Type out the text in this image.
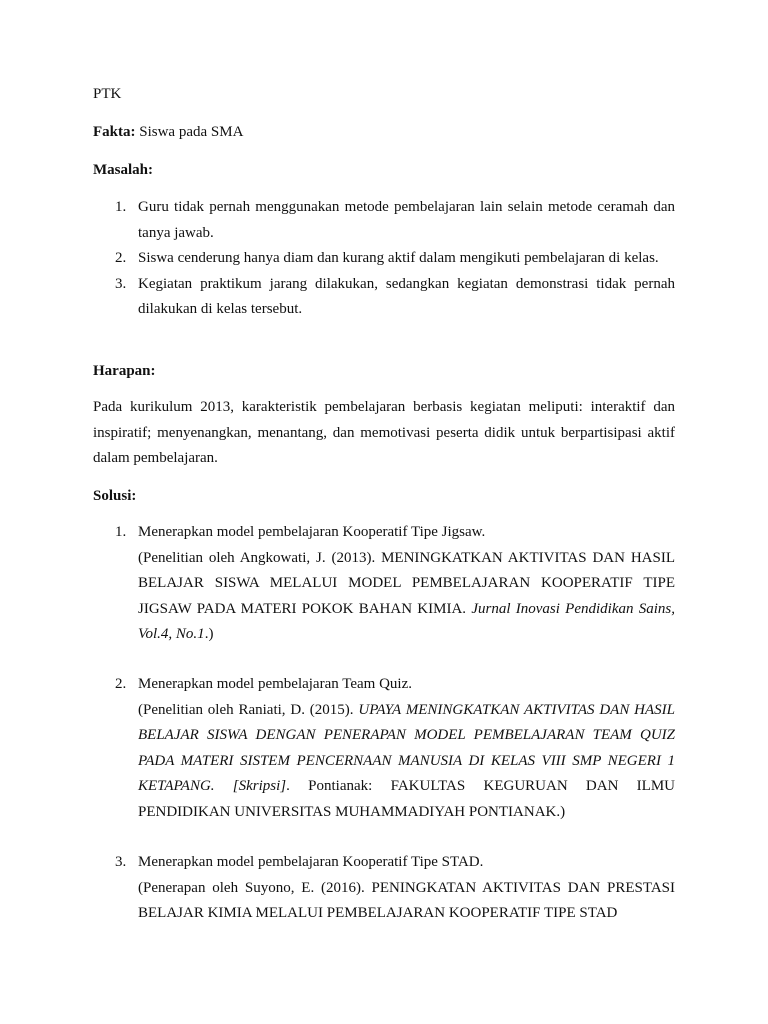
PTK

Fakta: Siswa pada SMA

Masalah:

1. Guru tidak pernah menggunakan metode pembelajaran lain selain metode ceramah dan tanya jawab.
2. Siswa cenderung hanya diam dan kurang aktif dalam mengikuti pembelajaran di kelas.
3. Kegiatan praktikum jarang dilakukan, sedangkan kegiatan demonstrasi tidak pernah dilakukan di kelas tersebut.

Harapan:

Pada kurikulum 2013, karakteristik pembelajaran berbasis kegiatan meliputi: interaktif dan inspiratif; menyenangkan, menantang, dan memotivasi peserta didik untuk berpartisipasi aktif dalam pembelajaran.

Solusi:

1. Menerapkan model pembelajaran Kooperatif Tipe Jigsaw.
(Penelitian oleh Angkowati, J. (2013). MENINGKATKAN AKTIVITAS DAN HASIL BELAJAR SISWA MELALUI MODEL PEMBELAJARAN KOOPERATIF TIPE JIGSAW PADA MATERI POKOK BAHAN KIMIA. Jurnal Inovasi Pendidikan Sains, Vol.4, No.1.)
2. Menerapkan model pembelajaran Team Quiz.
(Penelitian oleh Raniati, D. (2015). UPAYA MENINGKATKAN AKTIVITAS DAN HASIL BELAJAR SISWA DENGAN PENERAPAN MODEL PEMBELAJARAN TEAM QUIZ PADA MATERI SISTEM PENCERNAAN MANUSIA DI KELAS VIII SMP NEGERI 1 KETAPANG. [Skripsi]. Pontianak: FAKULTAS KEGURUAN DAN ILMU PENDIDIKAN UNIVERSITAS MUHAMMADIYAH PONTIANAK.)
3. Menerapkan model pembelajaran Kooperatif Tipe STAD.
(Penerapan oleh Suyono, E. (2016). PENINGKATAN AKTIVITAS DAN PRESTASI BELAJAR KIMIA MELALUI PEMBELAJARAN KOOPERATIF TIPE STAD
